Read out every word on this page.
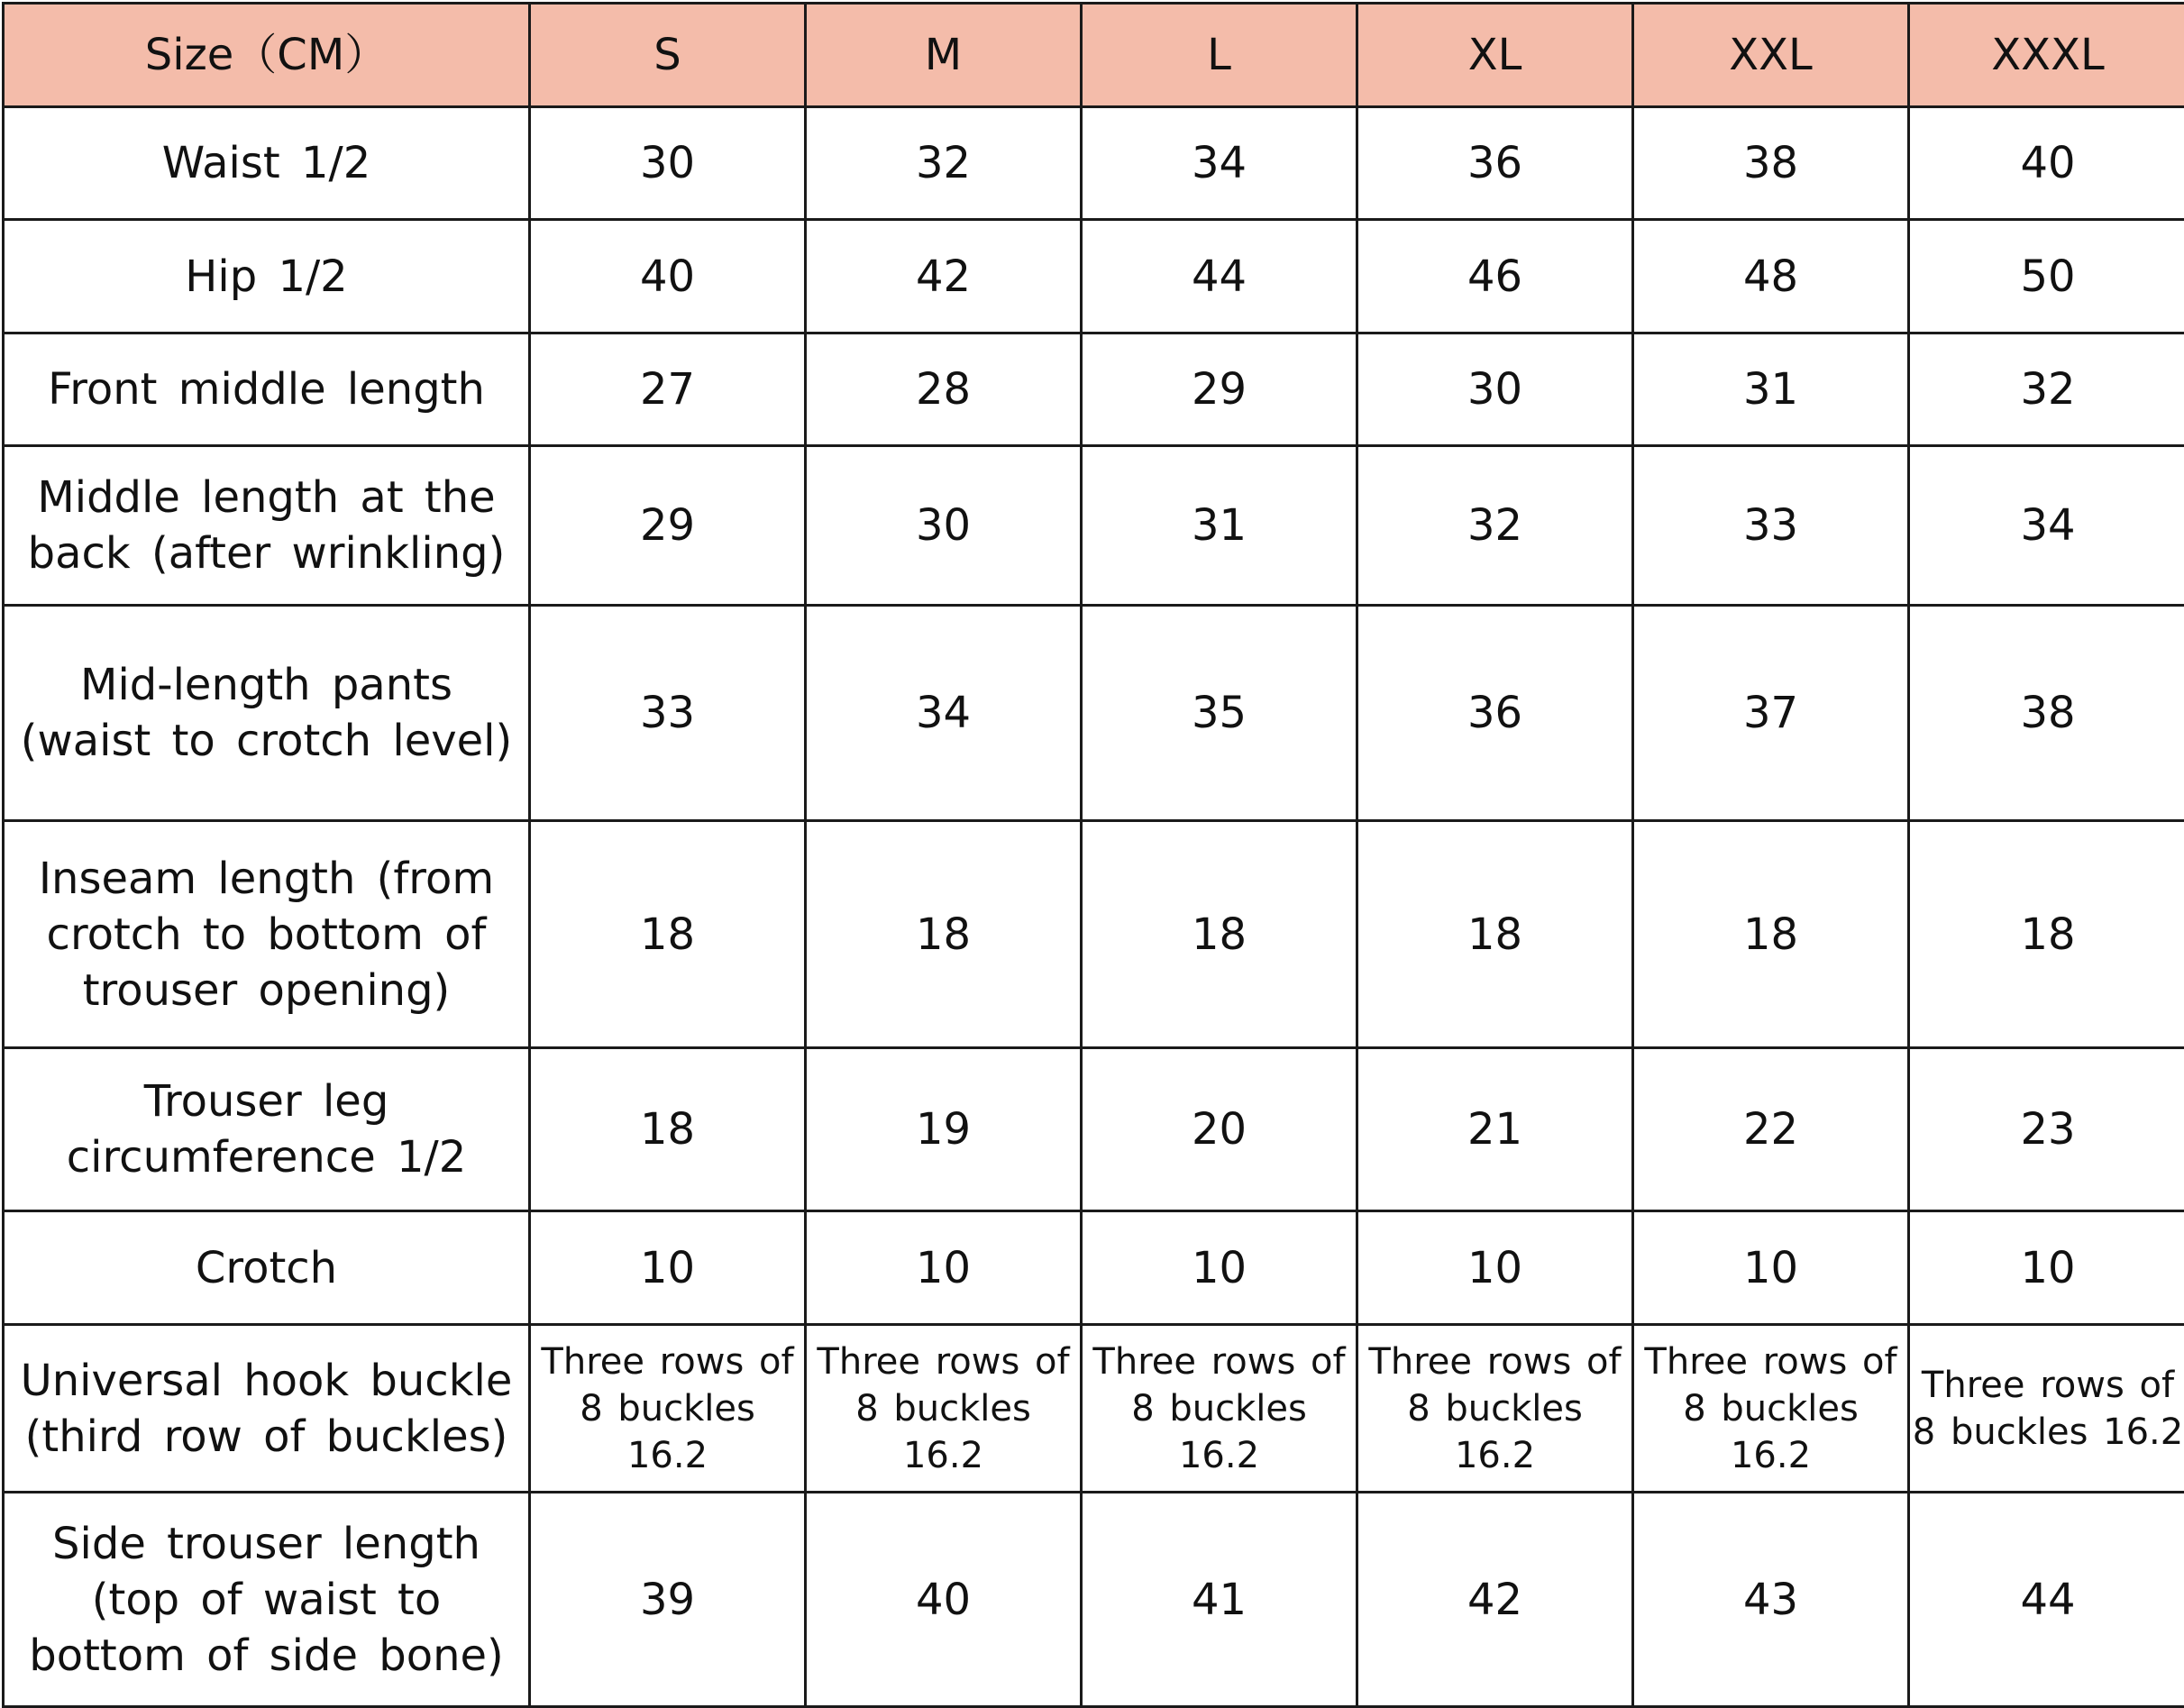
Size（CM）	S	M	L	XL	XXL	XXXL
Waist 1/2	30	32	34	36	38	40
Hip 1/2	40	42	44	46	48	50
Front middle length	27	28	29	30	31	32
Middle length at the back (after wrinkling)	29	30	31	32	33	34
Mid-length pants (waist to crotch level)	33	34	35	36	37	38
Inseam length (from crotch to bottom of trouser opening)	18	18	18	18	18	18
Trouser leg circumference 1/2	18	19	20	21	22	23
Crotch	10	10	10	10	10	10
Universal hook buckle (third row of buckles)	Three rows of 8 buckles 16.2	Three rows of 8 buckles 16.2	Three rows of 8 buckles 16.2	Three rows of 8 buckles 16.2	Three rows of 8 buckles 16.2	Three rows of 8 buckles 16.2
Side trouser length (top of waist to bottom of side bone)	39	40	41	42	43	44
